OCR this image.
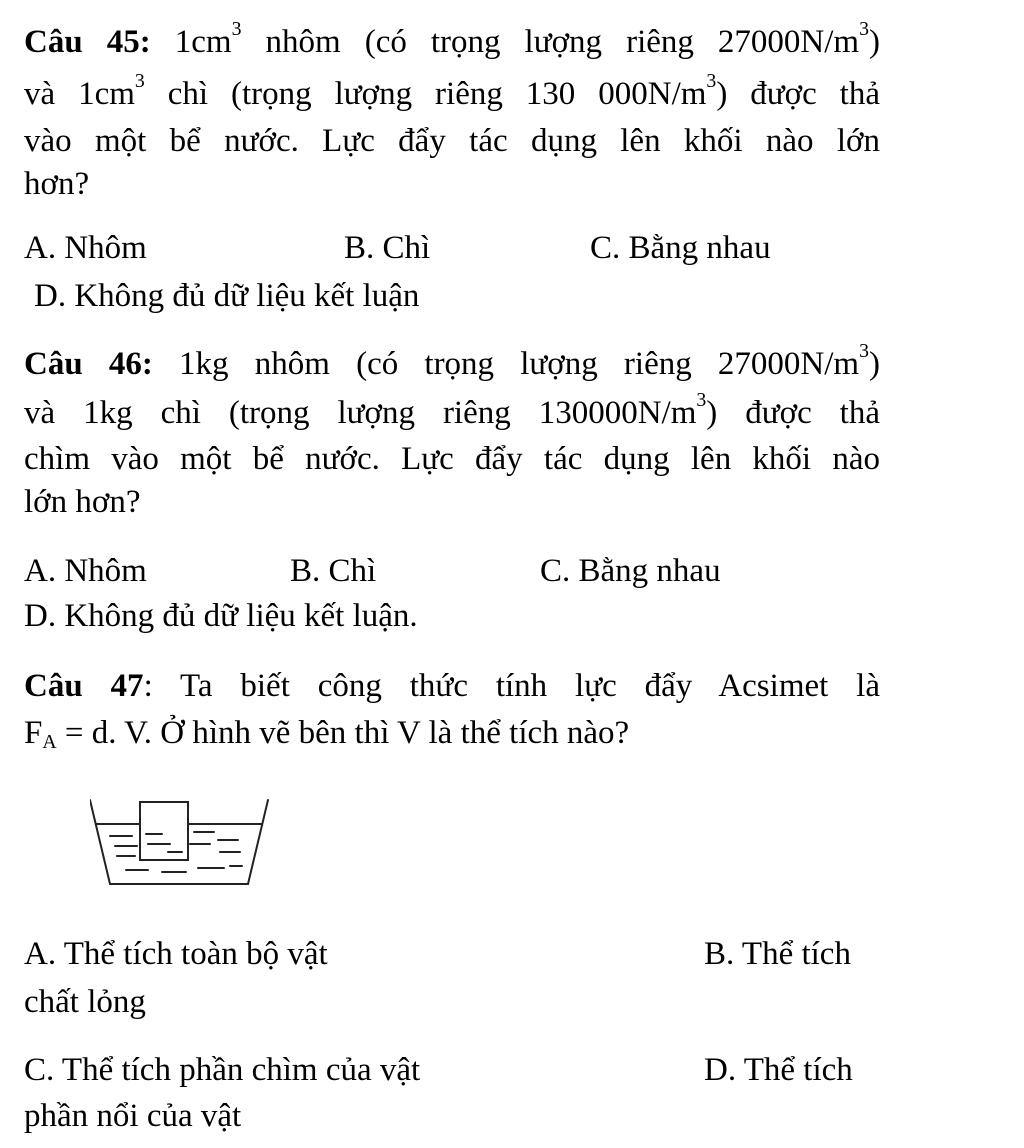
Câu 45: $1cm^3$ nhôm (có trọng lượng riêng $27000N/m^3$)
và $1cm^3$ chì (trọng lượng riêng 130 $000N/m^3$) được thả
vào một bể nước. Lực đẩy tác dụng lên khối nào lớn
hơn?
A. Nhôm	B. Chì	C. Bằng nhau
D. Không đủ dữ liệu kết luận
Câu 46: 1kg nhôm (có trọng lượng riêng $27000N/m^3$)
và 1kg chì (trọng lượng riêng $130000N/m^3$) được thả
chìm vào một bể nước. Lực đẩy tác dụng lên khối nào
lớn hơn?
A. Nhôm	B. Chì	C. Bằng nhau
D. Không đủ dữ liệu kết luận.
Câu 47: Ta biết công thức tính lực đẩy Acsimet là
$F_A = d$. V. Ở hình vẽ bên thì V là thể tích nào?
A. Thể tích toàn bộ vật	B. Thể tích
chất lỏng
C. Thể tích phần chìm của vật	D. Thể tích
phần nổi của vật
